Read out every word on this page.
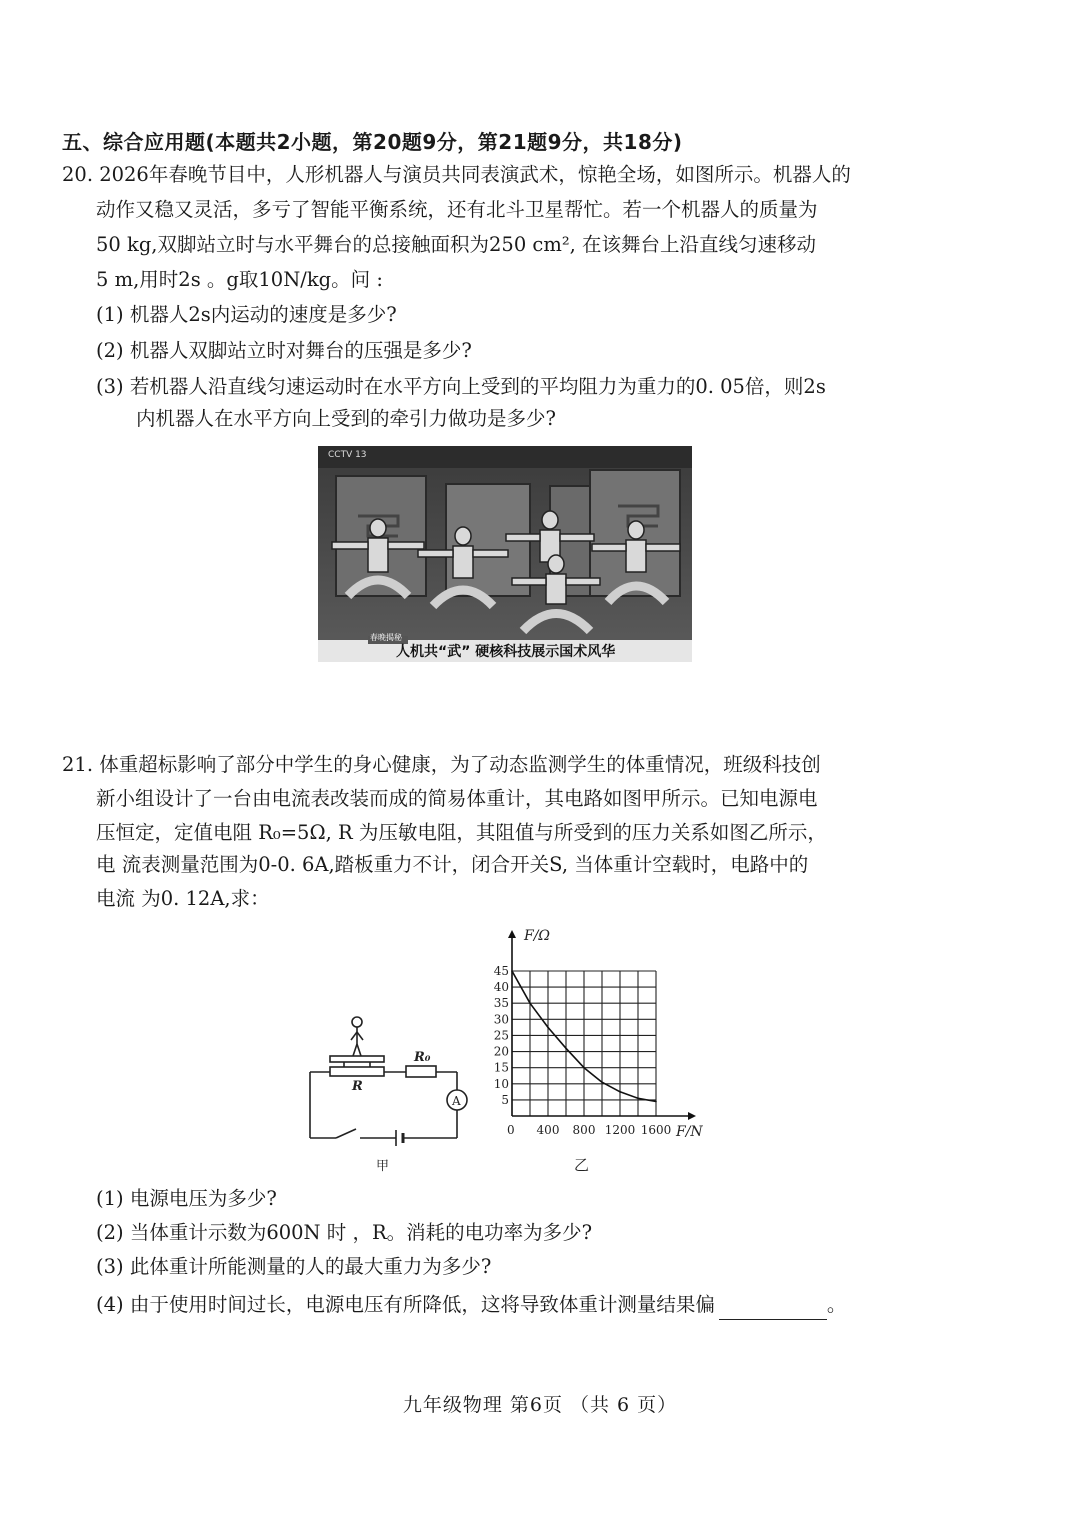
五、综合应用题(本题共2小题，第20题9分，第21题9分，共18分)
20. 2026年春晚节目中，人形机器人与演员共同表演武术，惊艳全场，如图所示。机器人的
动作又稳又灵活，多亏了智能平衡系统，还有北斗卫星帮忙。若一个机器人的质量为
50 kg,双脚站立时与水平舞台的总接触面积为250 cm², 在该舞台上沿直线匀速移动
5 m,用时2s 。g取10N/kg。问 :
(1) 机器人2s内运动的速度是多少?
(2) 机器人双脚站立时对舞台的压强是多少?
(3) 若机器人沿直线匀速运动时在水平方向上受到的平均阻力为重力的0. 05倍，则2s
内机器人在水平方向上受到的牵引力做功是多少?
CCTV 13
春晚揭秘
人机共“武” 硬核科技展示国术风华
21. 体重超标影响了部分中学生的身心健康，为了动态监测学生的体重情况，班级科技创
新小组设计了一台由电流表改装而成的简易体重计，其电路如图甲所示。已知电源电
压恒定，定值电阻 R₀=5Ω, R 为压敏电阻，其阻值与所受到的压力关系如图乙所示，
电 流表测量范围为0-0. 6A,踏板重力不计，闭合开关S, 当体重计空载时，电路中的
电流 为0. 12A,求：
R
R₀
A
甲
400 800 1200 1600
5
10
15
20
25
30
35
40
45
F/Ω
F/N
0
乙
(1) 电源电压为多少?
(2) 当体重计示数为600N 时 ，R。消耗的电功率为多少?
(3) 此体重计所能测量的人的最大重力为多少?
(4) 由于使用时间过长，电源电压有所降低，这将导致体重计测量结果偏	。
九年级物理 第6页 （共 6 页）
